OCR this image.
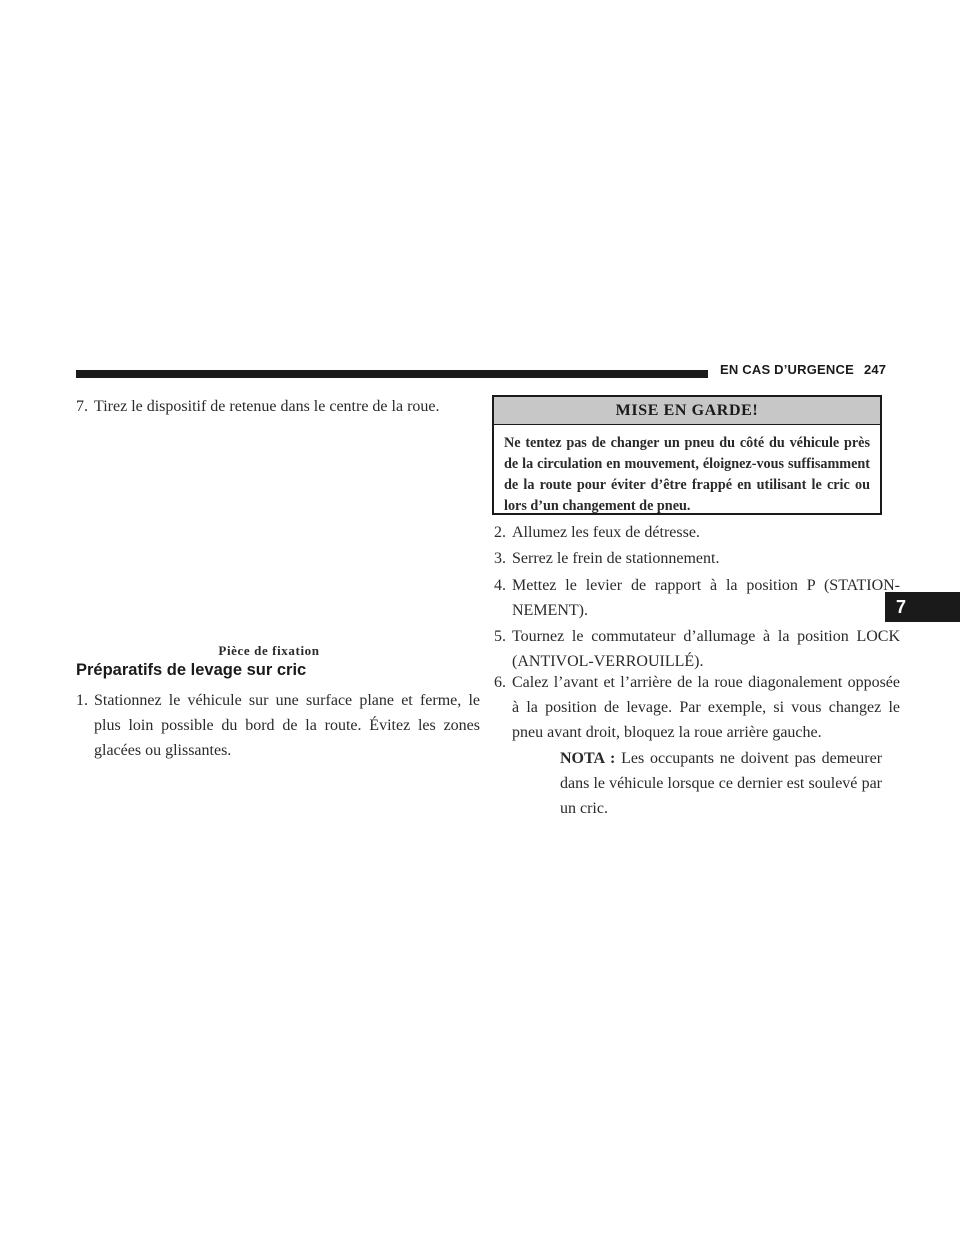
EN CAS D’URGENCE 247
7

7. Tirez le dispositif de retenue dans le centre de la roue.

Pièce de fixation
Préparatifs de levage sur cric

1. Stationnez le véhicule sur une surface plane et ferme, le plus loin possible du bord de la route. Évitez les zones glacées ou glissantes.

MISE EN GARDE!
Ne tentez pas de changer un pneu du côté du véhicule près de la circulation en mouvement, éloignez-vous suffisamment de la route pour éviter d’être frappé en utilisant le cric ou lors d’un changement de pneu.

2. Allumez les feux de détresse.

3. Serrez le frein de stationnement.

4. Mettez le levier de rapport à la position P (STATION-NEMENT).

5. Tournez le commutateur d’allumage à la position LOCK (ANTIVOL-VERROUILLÉ).

6. Calez l’avant et l’arrière de la roue diagonalement opposée à la position de levage. Par exemple, si vous changez le pneu avant droit, bloquez la roue arrière gauche.

NOTA : Les occupants ne doivent pas demeurer dans le véhicule lorsque ce dernier est soulevé par un cric.
